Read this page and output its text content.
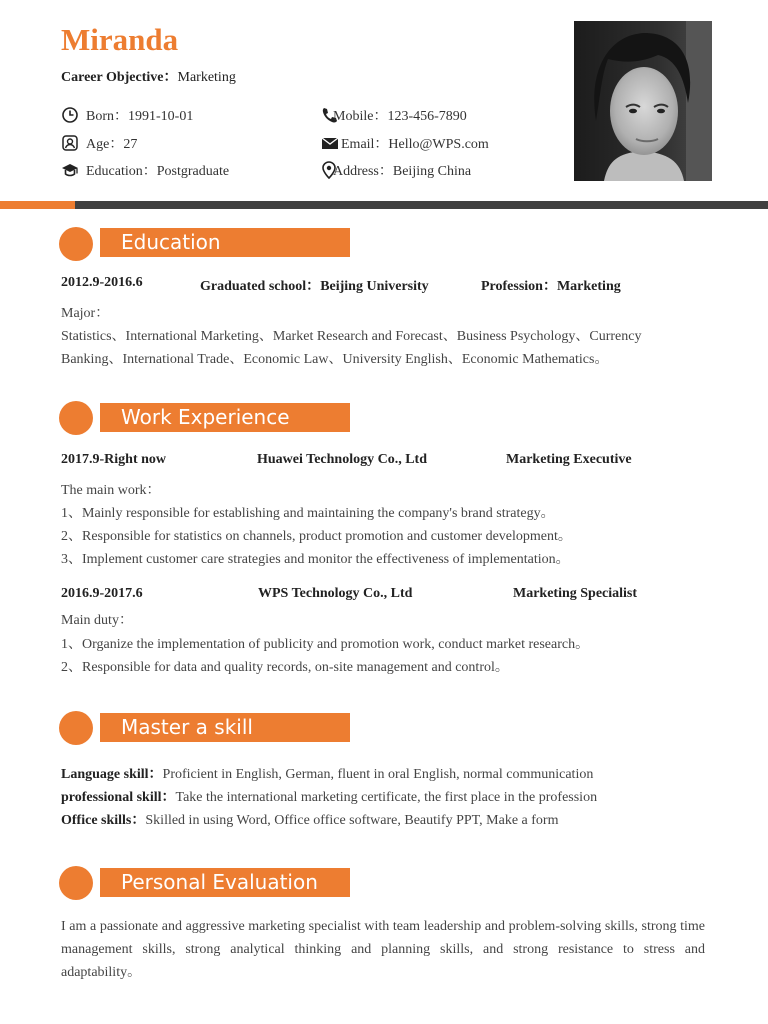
Miranda
Career Objective：Marketing
Born：1991-10-01
Age：27
Education：Postgraduate
Mobile：123-456-7890
Email：Hello@WPS.com
Address：Beijing China
Education
2012.9-2016.6	Graduated school：Beijing University	Profession：Marketing
Major：
Statistics、International Marketing、Market Research and Forecast、Business Psychology、Currency
Banking、International Trade、Economic Law、University English、Economic Mathematics。
Work Experience
2017.9-Right now	Huawei Technology Co., Ltd	Marketing Executive
The main work：
1、Mainly responsible for establishing and maintaining the company's brand strategy。
2、Responsible for statistics on channels, product promotion and customer development。
3、Implement customer care strategies and monitor the effectiveness of implementation。
2016.9-2017.6	WPS Technology Co., Ltd	Marketing Specialist
Main duty：
1、Organize the implementation of publicity and promotion work, conduct market research。
2、Responsible for data and quality records, on-site management and control。
Master a skill
Language skill：Proficient in English, German, fluent in oral English, normal communication
professional skill：Take the international marketing certificate, the first place in the profession
Office skills：Skilled in using Word, Office office software, Beautify PPT, Make a form
Personal Evaluation
I am a passionate and aggressive marketing specialist with team leadership and problem-solving skills, strong time management skills, strong analytical thinking and planning skills, and strong resistance to stress and adaptability。
